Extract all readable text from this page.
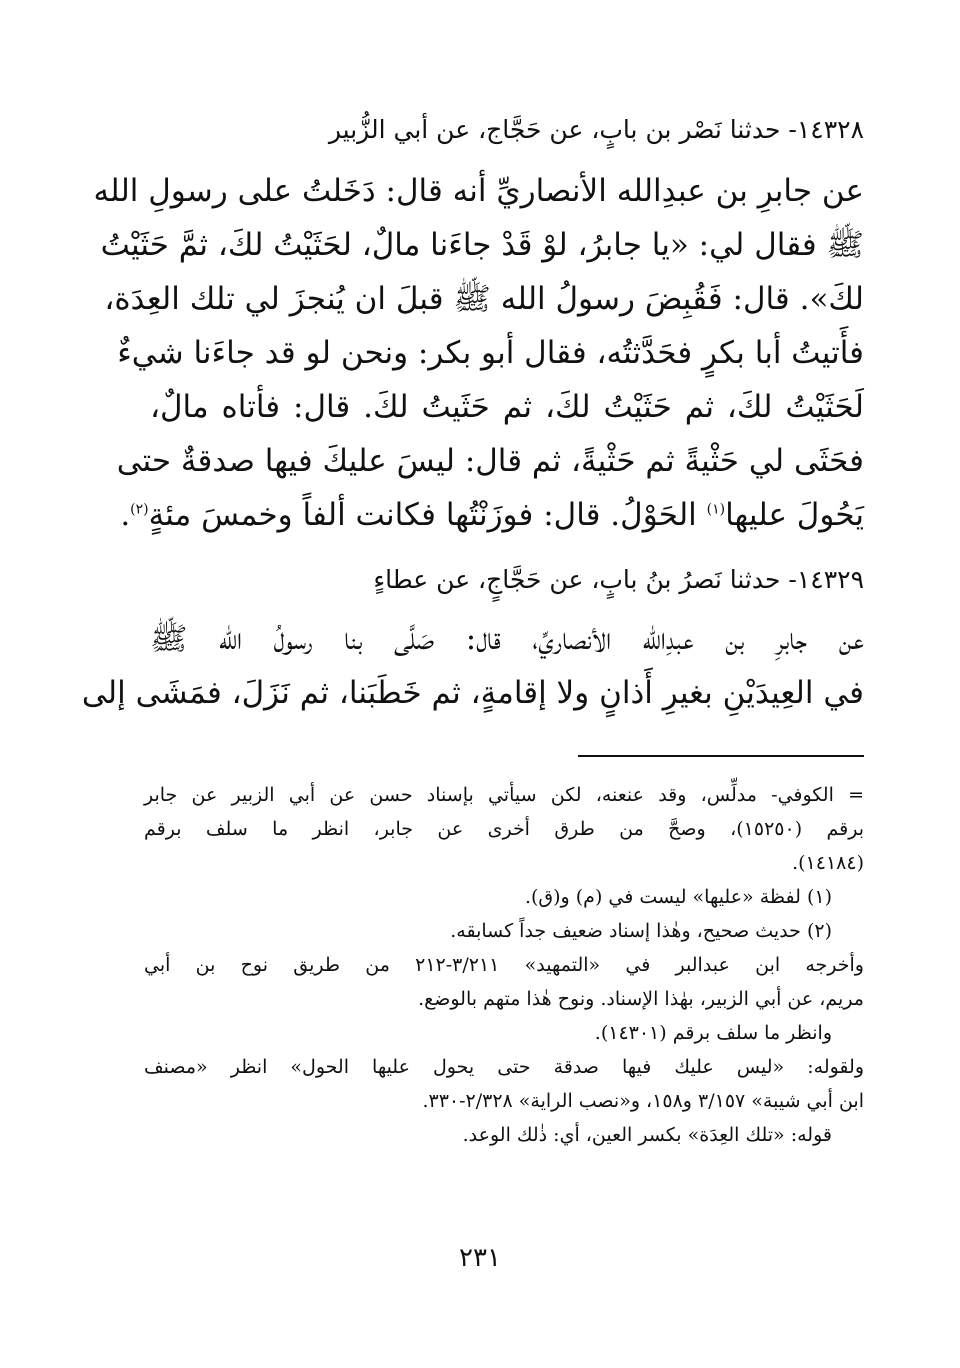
١٤٣٢٨- حدثنا نَصْر بن بابٍ، عن حَجَّاج، عن أبي الزُّبير
عن جابرِ بن عبدِالله الأنصاريِّ أنه قال: دَخَلتُ على رسولِ الله
ﷺ فقال لي: «يا جابرُ، لوْ قَدْ جاءَنا مالٌ، لحَثَيْتُ لكَ، ثمَّ حَثَيْتُ
لكَ». قال: فَقُبِضَ رسولُ الله ﷺ قبلَ ان يُنجزَ لي تلك العِدَة،
فأَتيتُ أبا بكرٍ فحَدَّثتُه، فقال أبو بكر: ونحن لو قد جاءَنا شيءٌ
لَحَثَيْتُ لكَ، ثم حَثَيْتُ لكَ، ثم حَثَيتُ لكَ. قال: فأتاه مالٌ،
فحَثَى لي حَثْيةً ثم حَثْيةً، ثم قال: ليسَ عليكَ فيها صدقةٌ حتى
يَحُولَ عليها$^{(١)}$ الحَوْلُ. قال: فوزَنْتُها فكانت ألفاً وخمسَ مئةٍ$^{(٢)}$.
١٤٣٢٩- حدثنا نَصرُ بنُ بابٍ، عن حَجَّاجٍ، عن عطاءٍ
عن جابرِ بن عبدِالله الأنصاريِّ، قال: صَلَّى بنا رسولُ الله ﷺ
في العِيدَيْنِ بغيرِ أَذانٍ ولا إقامةٍ، ثم خَطَبَنا، ثم نَزَلَ، فمَشَى إلى
= الكوفي- مدلِّس، وقد عنعنه، لكن سيأتي بإسناد حسن عن أبي الزبير عن جابر
برقم (١٥٢٥٠)، وصحَّ من طرق أخرى عن جابر، انظر ما سلف برقم
(١٤١٨٤).
(١) لفظة «عليها» ليست في (م) و(ق).
(٢) حديث صحيح، وهٰذا إسناد ضعيف جداً كسابقه.
وأخرجه ابن عبدالبر في «التمهيد» ٣/٢١١-٢١٢ من طريق نوح بن أبي
مريم، عن أبي الزبير، بهٰذا الإسناد. ونوح هٰذا متهم بالوضع.
وانظر ما سلف برقم (١٤٣٠١).
ولقوله: «ليس عليك فيها صدقة حتى يحول عليها الحول» انظر «مصنف
ابن أبي شيبة» ٣/١٥٧ و١٥٨، و«نصب الراية» ٢/٣٢٨-٣٣٠.
قوله: «تلك العِدَة» بكسر العين، أي: ذٰلك الوعد.
٢٣١
